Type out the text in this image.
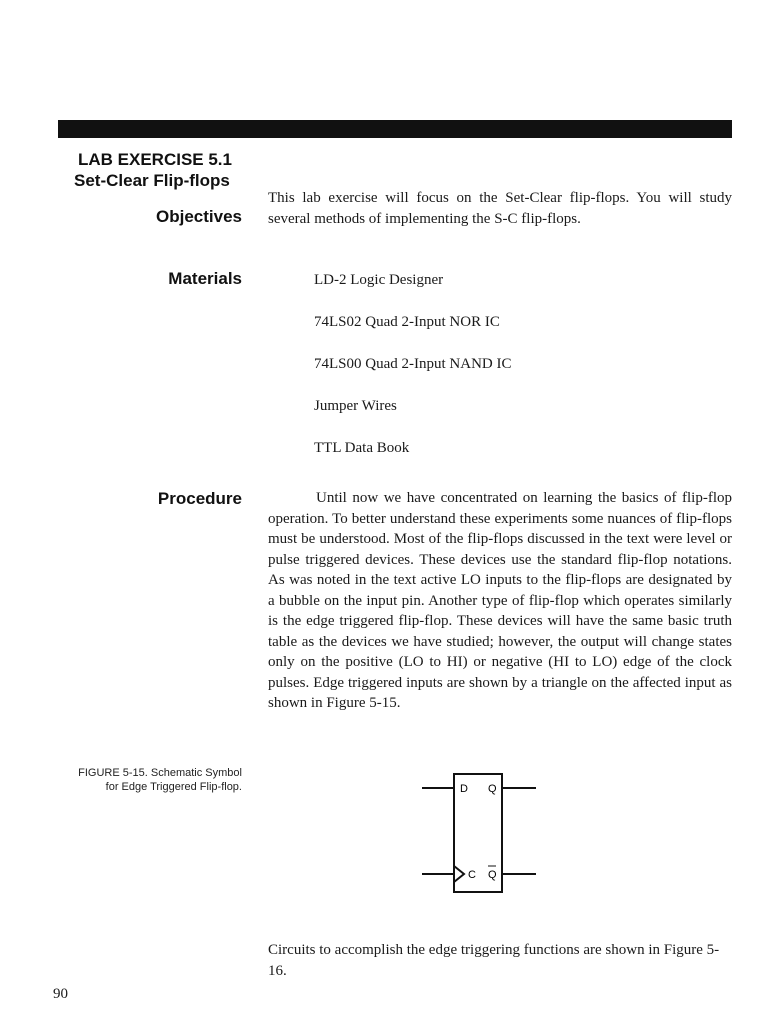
LAB EXERCISE 5.1
Set-Clear Flip-flops
Objectives
This lab exercise will focus on the Set-Clear flip-flops. You will study several methods of implementing the S-C flip-flops.
Materials	LD-2 Logic Designer
74LS02 Quad 2-Input NOR IC
74LS00 Quad 2-Input NAND IC
Jumper Wires
TTL Data Book
Procedure	Until now we have concentrated on learning the basics of flip-flop operation. To better understand these experiments some nuances of flip-flops must be understood. Most of the flip-flops discussed in the text were level or pulse triggered devices. These devices use the standard flip-flop notations. As was noted in the text active LO inputs to the flip-flops are designated by a bubble on the input pin. Another type of flip-flop which operates similarly is the edge triggered flip-flop. These devices will have the same basic truth table as the devices we have studied; however, the output will change states only on the positive (LO to HI) or negative (HI to LO) edge of the clock pulses. Edge triggered inputs are shown by a triangle on the affected input as shown in Figure 5-15.
FIGURE 5-15. Schematic Symbol for Edge Triggered Flip-flop.	D Q
C Q
Circuits to accomplish the edge triggering functions are shown in Figure 5-16.
90
